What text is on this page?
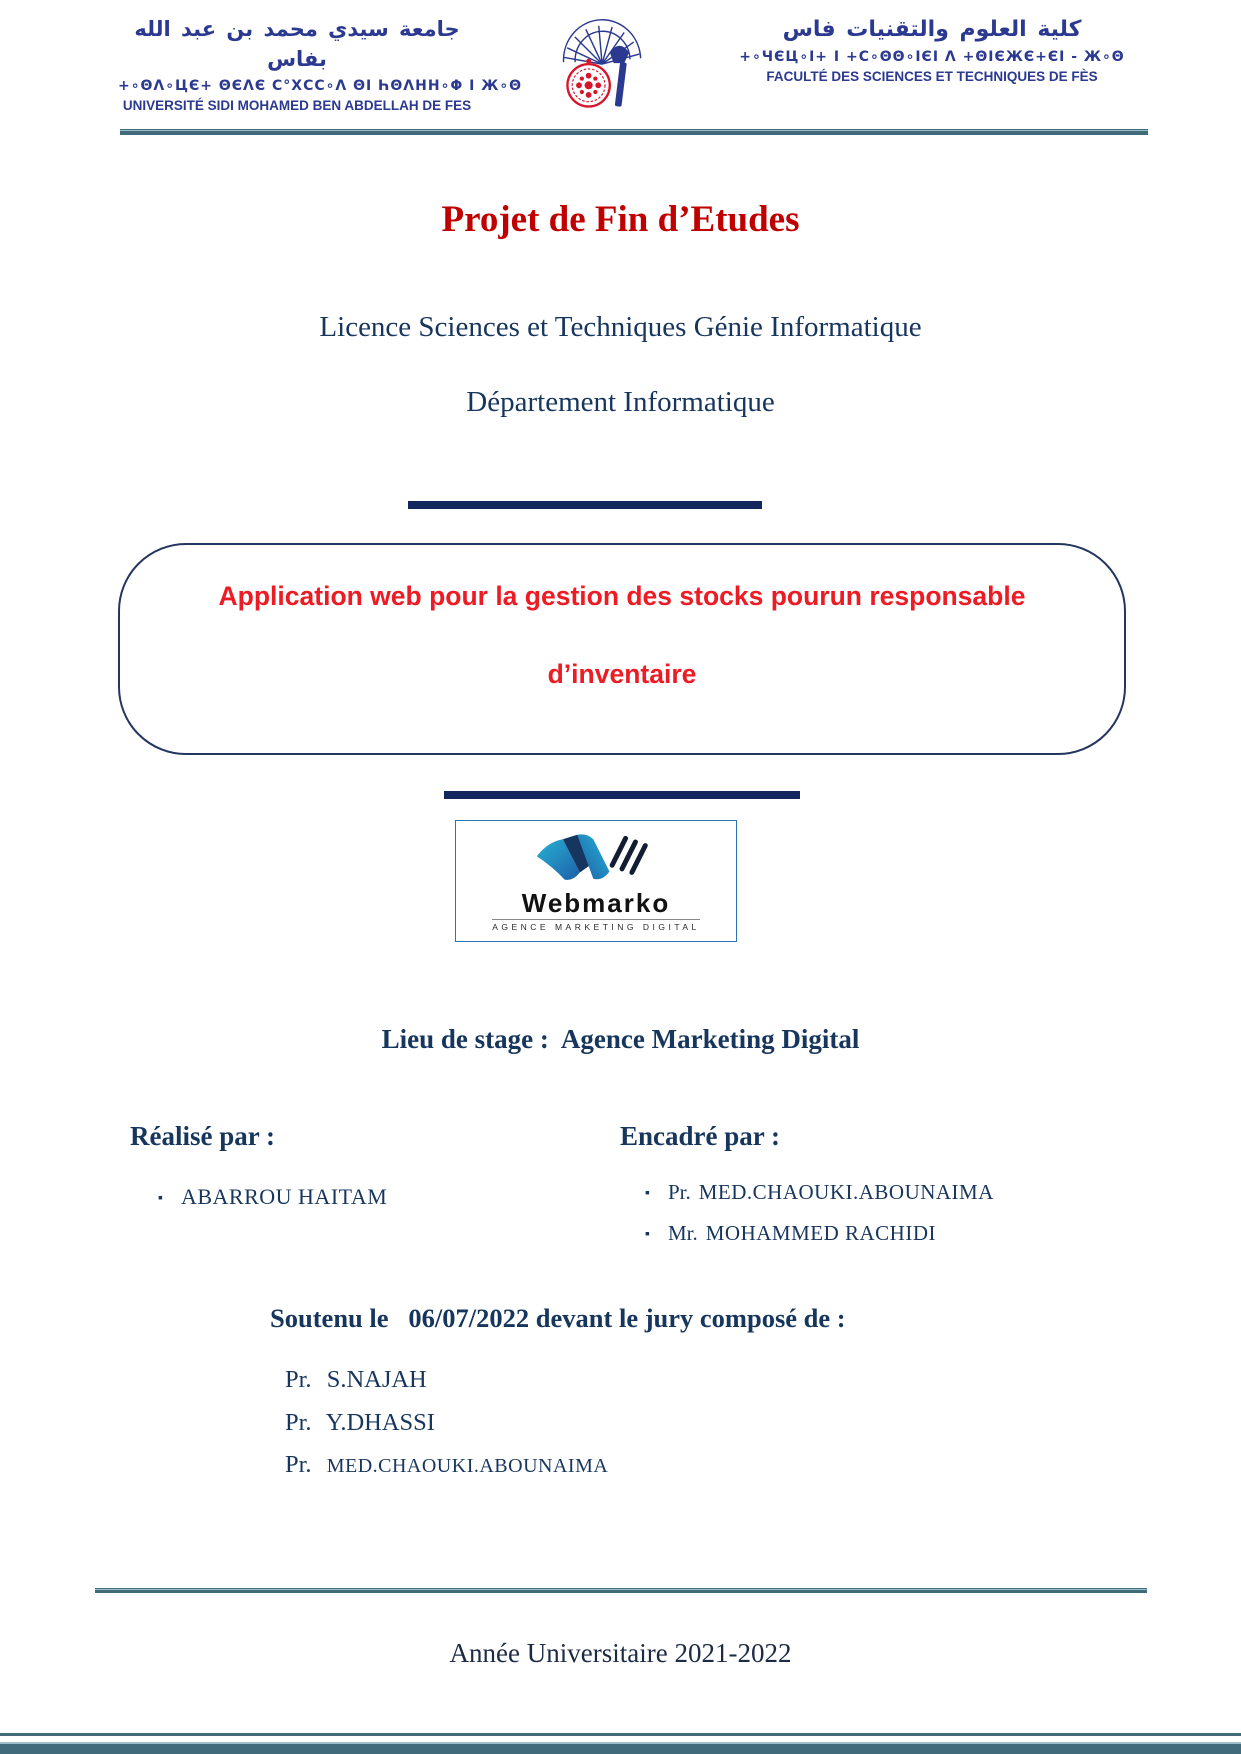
جامعة سيدي محمد بن عبد الله بفاس
+∘ΘΛ∘ЦЄ+ ΘЄΛЄ С°ХСС∘Λ ΘΙ ҺΘΛΗΗ∘Φ Ι Ж∘Θ
UNIVERSITÉ SIDI MOHAMED BEN ABDELLAH DE FES
كلية العلوم والتقنيات فاس
+∘ЧЄЦ∘Ι+ Ι +С∘ΘΘ∘ΙЄΙ Λ +ΘΙЄЖЄ+ЄΙ - Ж∘Θ
FACULTÉ DES SCIENCES ET TECHNIQUES DE FÈS
Projet de Fin d’Etudes
Licence Sciences et Techniques Génie Informatique
Département Informatique
Application web pour la gestion des stocks pourun responsable
d’inventaire
Webmarko
AGENCE MARKETING DIGITAL
Lieu de stage :  Agence Marketing Digital
Réalisé par :
▪ ABARROU HAITAM
Encadré par :
▪ Pr. MED.CHAOUKI.ABOUNAIMA
▪ Mr. MOHAMMED RACHIDI
Soutenu le   06/07/2022 devant le jury composé de :
Pr. S.NAJAH
Pr. Y.DHASSI
Pr. MED.CHAOUKI.ABOUNAIMA
Année Universitaire 2021-2022
